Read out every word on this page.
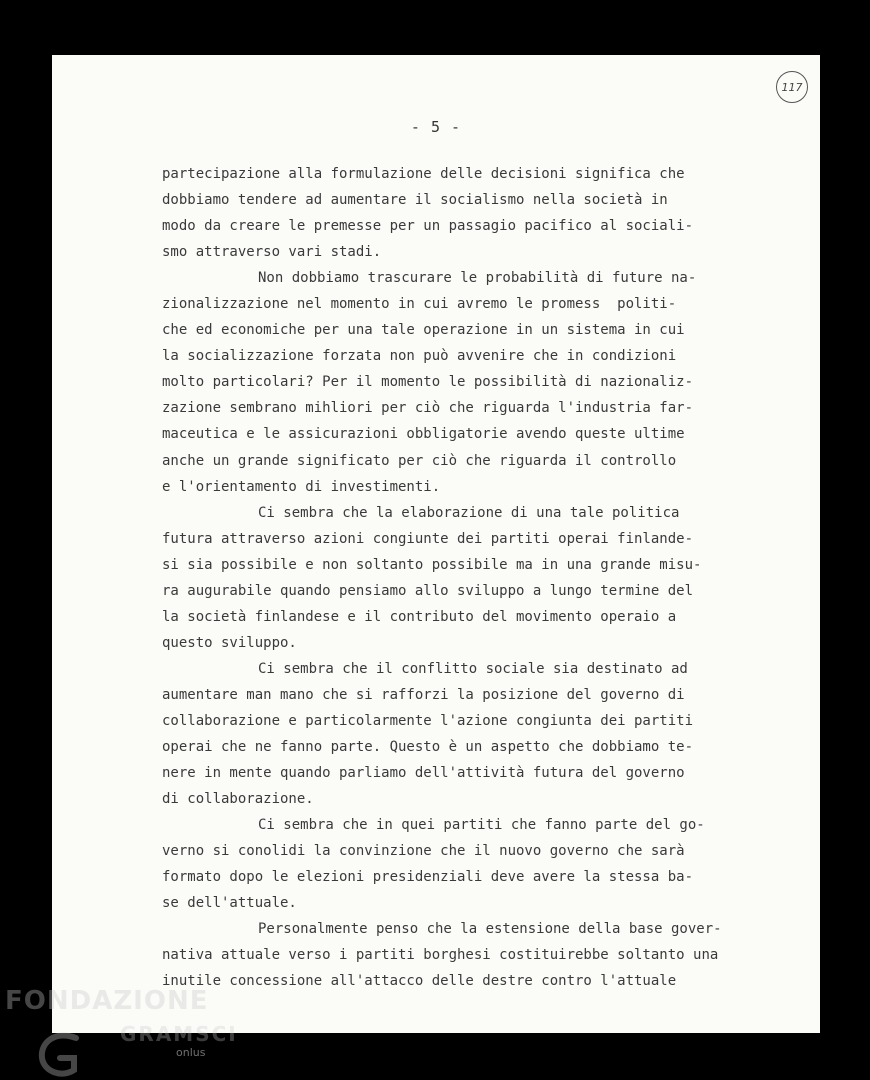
117
- 5 -
partecipazione alla formulazione delle decisioni significa che
dobbiamo tendere ad aumentare il socialismo nella società in
modo da creare le premesse per un passagio pacifico al sociali-
smo attraverso vari stadi.
Non dobbiamo trascurare le probabilità di future na-
zionalizzazione nel momento in cui avremo le promess  politi-
che ed economiche per una tale operazione in un sistema in cui
la socializzazione forzata non può avvenire che in condizioni
molto particolari? Per il momento le possibilità di nazionaliz-
zazione sembrano mihliori per ciò che riguarda l'industria far-
maceutica e le assicurazioni obbligatorie avendo queste ultime
anche un grande significato per ciò che riguarda il controllo
e l'orientamento di investimenti.
Ci sembra che la elaborazione di una tale politica
futura attraverso azioni congiunte dei partiti operai finlande-
si sia possibile e non soltanto possibile ma in una grande misu-
ra augurabile quando pensiamo allo sviluppo a lungo termine del
la società finlandese e il contributo del movimento operaio a
questo sviluppo.
Ci sembra che il conflitto sociale sia destinato ad
aumentare man mano che si rafforzi la posizione del governo di
collaborazione e particolarmente l'azione congiunta dei partiti
operai che ne fanno parte. Questo è un aspetto che dobbiamo te-
nere in mente quando parliamo dell'attività futura del governo
di collaborazione.
Ci sembra che in quei partiti che fanno parte del go-
verno si conolidi la convinzione che il nuovo governo che sarà
formato dopo le elezioni presidenziali deve avere la stessa ba-
se dell'attuale.
Personalmente penso che la estensione della base gover-
nativa attuale verso i partiti borghesi costituirebbe soltanto una
inutile concessione all'attacco delle destre contro l'attuale
FONDAZIONE
GRAMSCI
onlus
